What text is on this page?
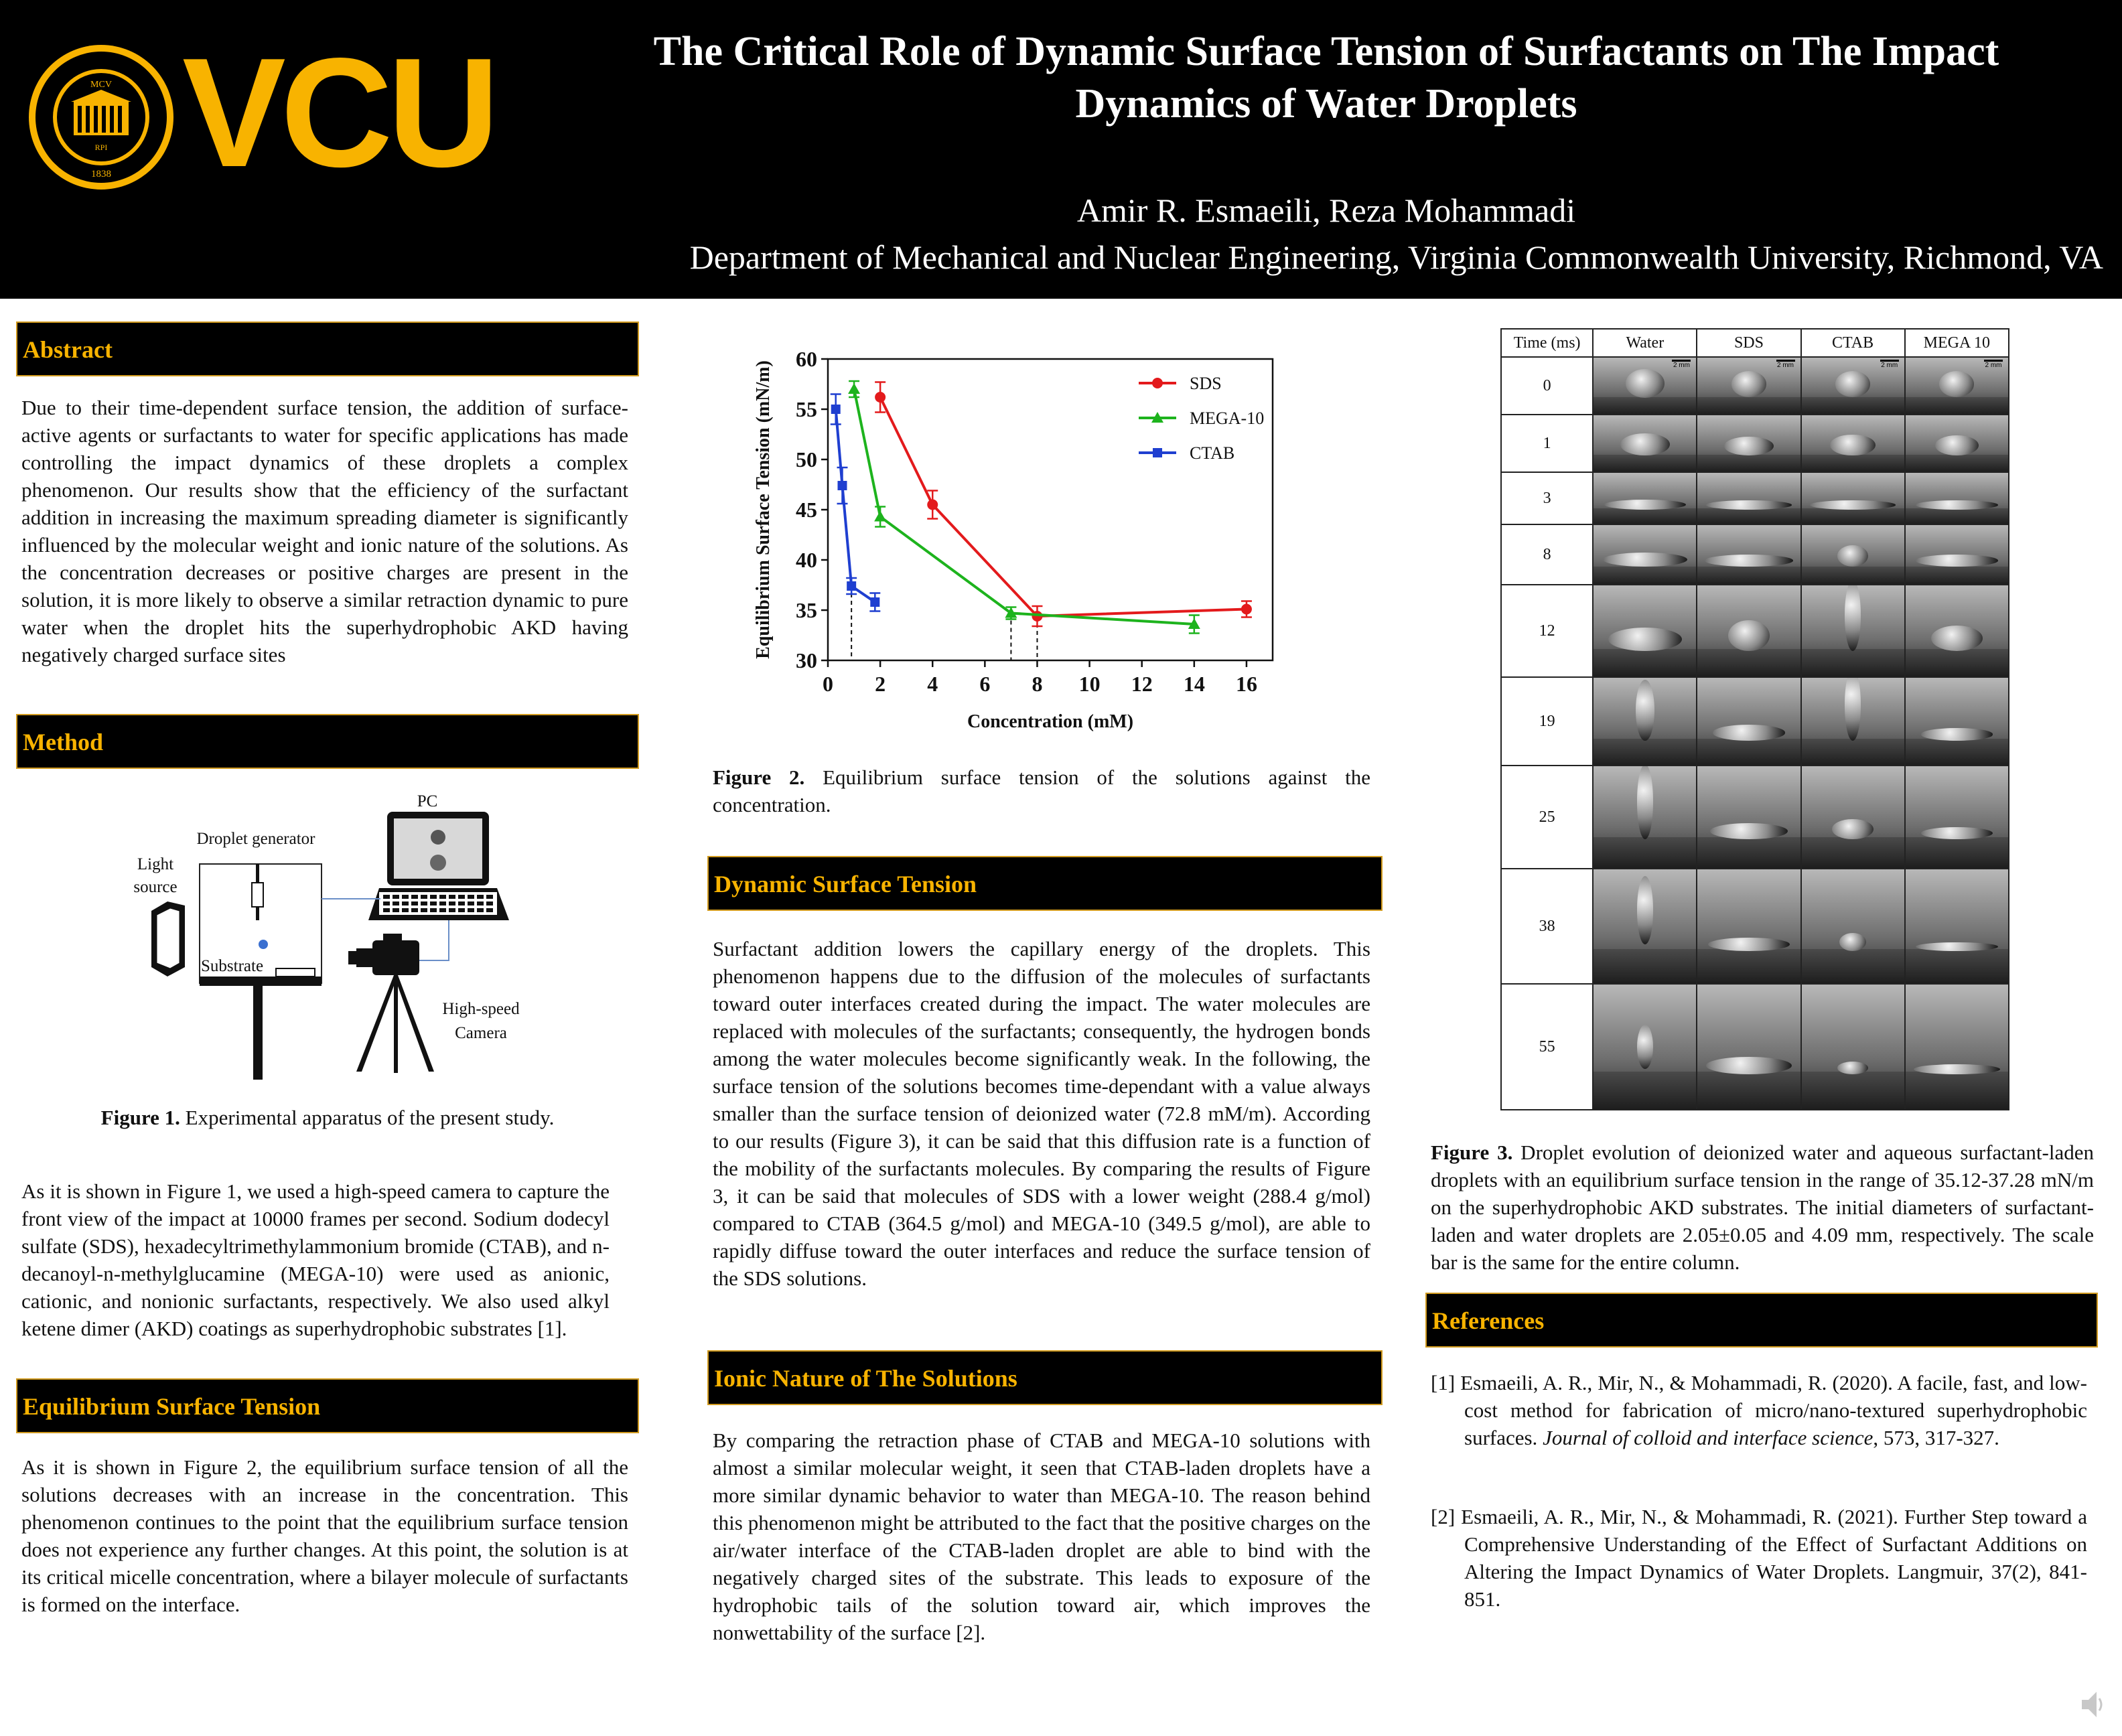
MCV
RPI
1838 VCU	The Critical Role of Dynamic Surface Tension of Surfactants on The Impact Dynamics of Water Droplets
Amir R. Esmaeili, Reza Mohammadi
Department of Mechanical and Nuclear Engineering, Virginia Commonwealth University, Richmond, VA
Abstract

Due to their time-dependent surface tension, the addition of surface-active agents or surfactants to water for specific applications has made controlling the impact dynamics of these droplets a complex phenomenon. Our results show that the efficiency of the surfactant addition in increasing the maximum spreading diameter is significantly influenced by the molecular weight and ionic nature of the solutions. As the concentration decreases or positive charges are present in the solution, it is more likely to observe a similar retraction dynamic to pure water when the droplet hits the superhydrophobic AKD having negatively charged surface sites

Method
PC
Droplet generator
Light
source
Substrate
High-speed
Camera

Figure 1. Experimental apparatus of the present study.

As it is shown in Figure 1, we used a high-speed camera to capture the front view of the impact at 10000 frames per second. Sodium dodecyl sulfate (SDS), hexadecyltrimethylammonium bromide (CTAB), and n-decanoyl-n-methylglucamine (MEGA-10) were used as anionic, cationic, and nonionic surfactants, respectively. We also used alkyl ketene dimer (AKD) coatings as superhydrophobic substrates [1].

Equilibrium Surface Tension

As it is shown in Figure 2, the equilibrium surface tension of all the solutions decreases with an increase in the concentration. This phenomenon continues to the point that the equilibrium surface tension does not experience any further changes. At this point, the solution is at its critical micelle concentration, where a bilayer molecule of surfactants is formed on the interface.

30
35
40
45
50
55
60
0 2 4 6 8 10 12 14 16
Concentration (mM)
Equilibrium Surface Tension (mN/m)	SDS
MEGA-10
CTAB

Figure 2. Equilibrium surface tension of the solutions against the concentration.

Dynamic Surface Tension

Surfactant addition lowers the capillary energy of the droplets. This phenomenon happens due to the diffusion of the molecules of surfactants toward outer interfaces created during the impact. The water molecules are replaced with molecules of the surfactants; consequently, the hydrogen bonds among the water molecules become significantly weak. In the following, the surface tension of the solutions becomes time-dependant with a value always smaller than the surface tension of deionized water (72.8 mM/m). According to our results (Figure 3), it can be said that this diffusion rate is a function of the mobility of the surfactants molecules. By comparing the results of Figure 3, it can be said that molecules of SDS with a lower weight (288.4 g/mol) compared to CTAB (364.5 g/mol) and MEGA-10 (349.5 g/mol), are able to rapidly diffuse toward the outer interfaces and reduce the surface tension of the SDS solutions.

Ionic Nature of The Solutions

By comparing the retraction phase of CTAB and MEGA-10 solutions with almost a similar molecular weight, it seen that CTAB-laden droplets have a more similar dynamic behavior to water than MEGA-10. The reason behind this phenomenon might be attributed to the fact that the positive charges on the air/water interface of the CTAB-laden droplet are able to bind with the negatively charged sites of the substrate. This leads to exposure of the hydrophobic tails of the solution toward air, which improves the nonwettability of the surface [2].

Time (ms)	Water	SDS	CTAB	MEGA 10
0	2 mm	2 mm	2 mm	2 mm

1	

3	

8	

12	

19	

25	

38	

55	

Figure 3. Droplet evolution of deionized water and aqueous surfactant-laden droplets with an equilibrium surface tension in the range of 35.12-37.28 mN/m on the superhydrophobic AKD substrates. The initial diameters of surfactant-laden and water droplets are 2.05±0.05 and 4.09 mm, respectively. The scale bar is the same for the entire column.

References

[1] Esmaeili, A. R., Mir, N., & Mohammadi, R. (2020). A facile, fast, and low-cost method for fabrication of micro/nano-textured superhydrophobic surfaces. Journal of colloid and interface science, 573, 317-327.

[2] Esmaeili, A. R., Mir, N., & Mohammadi, R. (2021). Further Step toward a Comprehensive Understanding of the Effect of Surfactant Additions on Altering the Impact Dynamics of Water Droplets. Langmuir, 37(2), 841-851.
